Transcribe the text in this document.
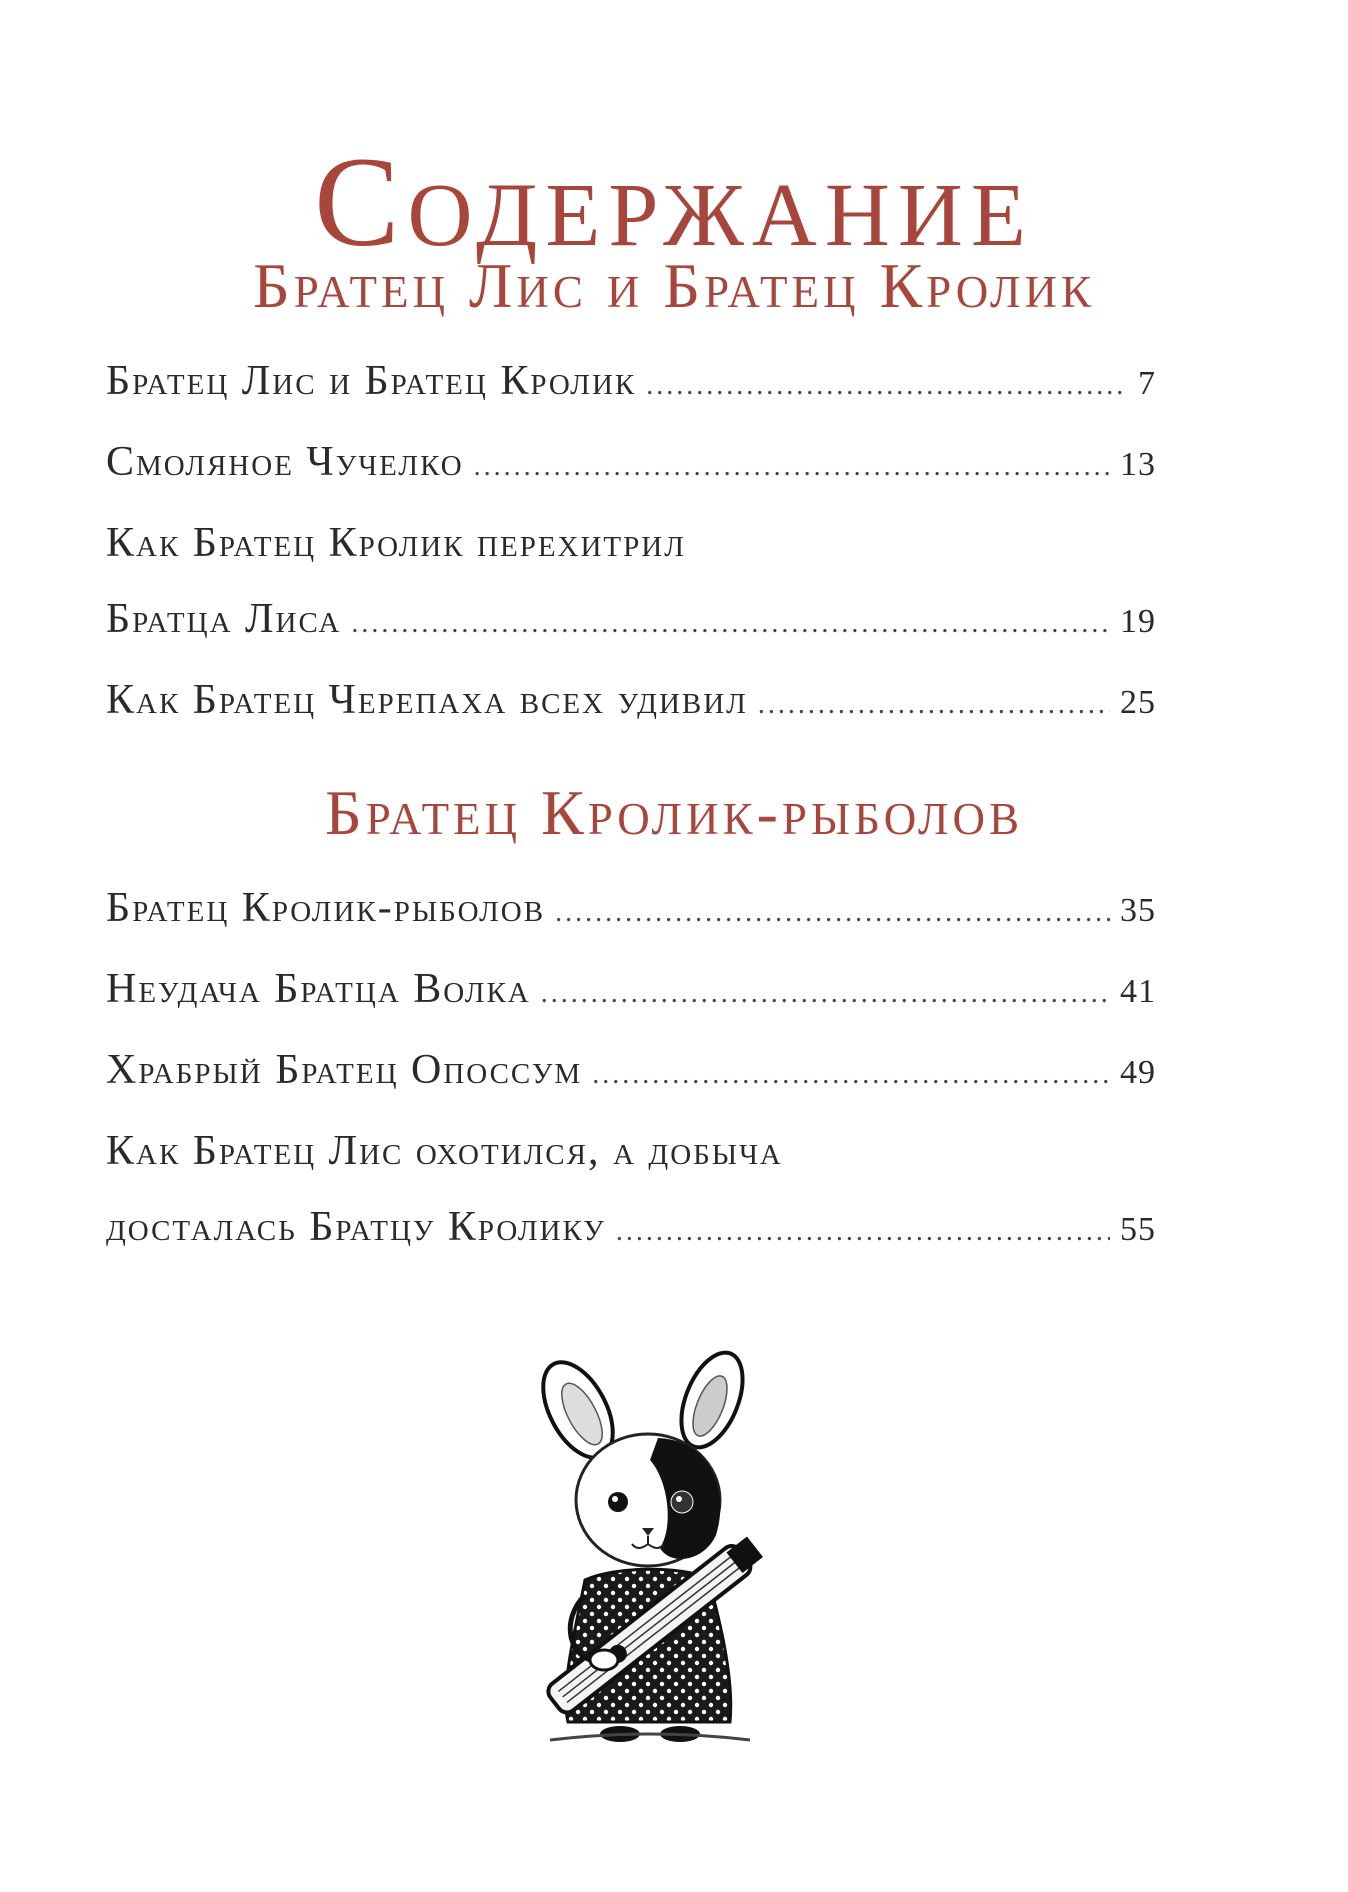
Содержание
Братец Лис и Братец Кролик
Братец Лис и Братец Кролик .....	7
Смоляное Чучелко .....	13
Как Братец Кролик перехитрил
Братца Лиса .....	19
Как Братец Черепаха всех удивил .....	25
Братец Кролик-рыболов
Братец Кролик-рыболов .....	35
Неудача Братца Волка .....	41
Храбрый Братец Опоссум .....	49
Как Братец Лис охотился, а добыча
досталась Братцу Кролику .....	55
